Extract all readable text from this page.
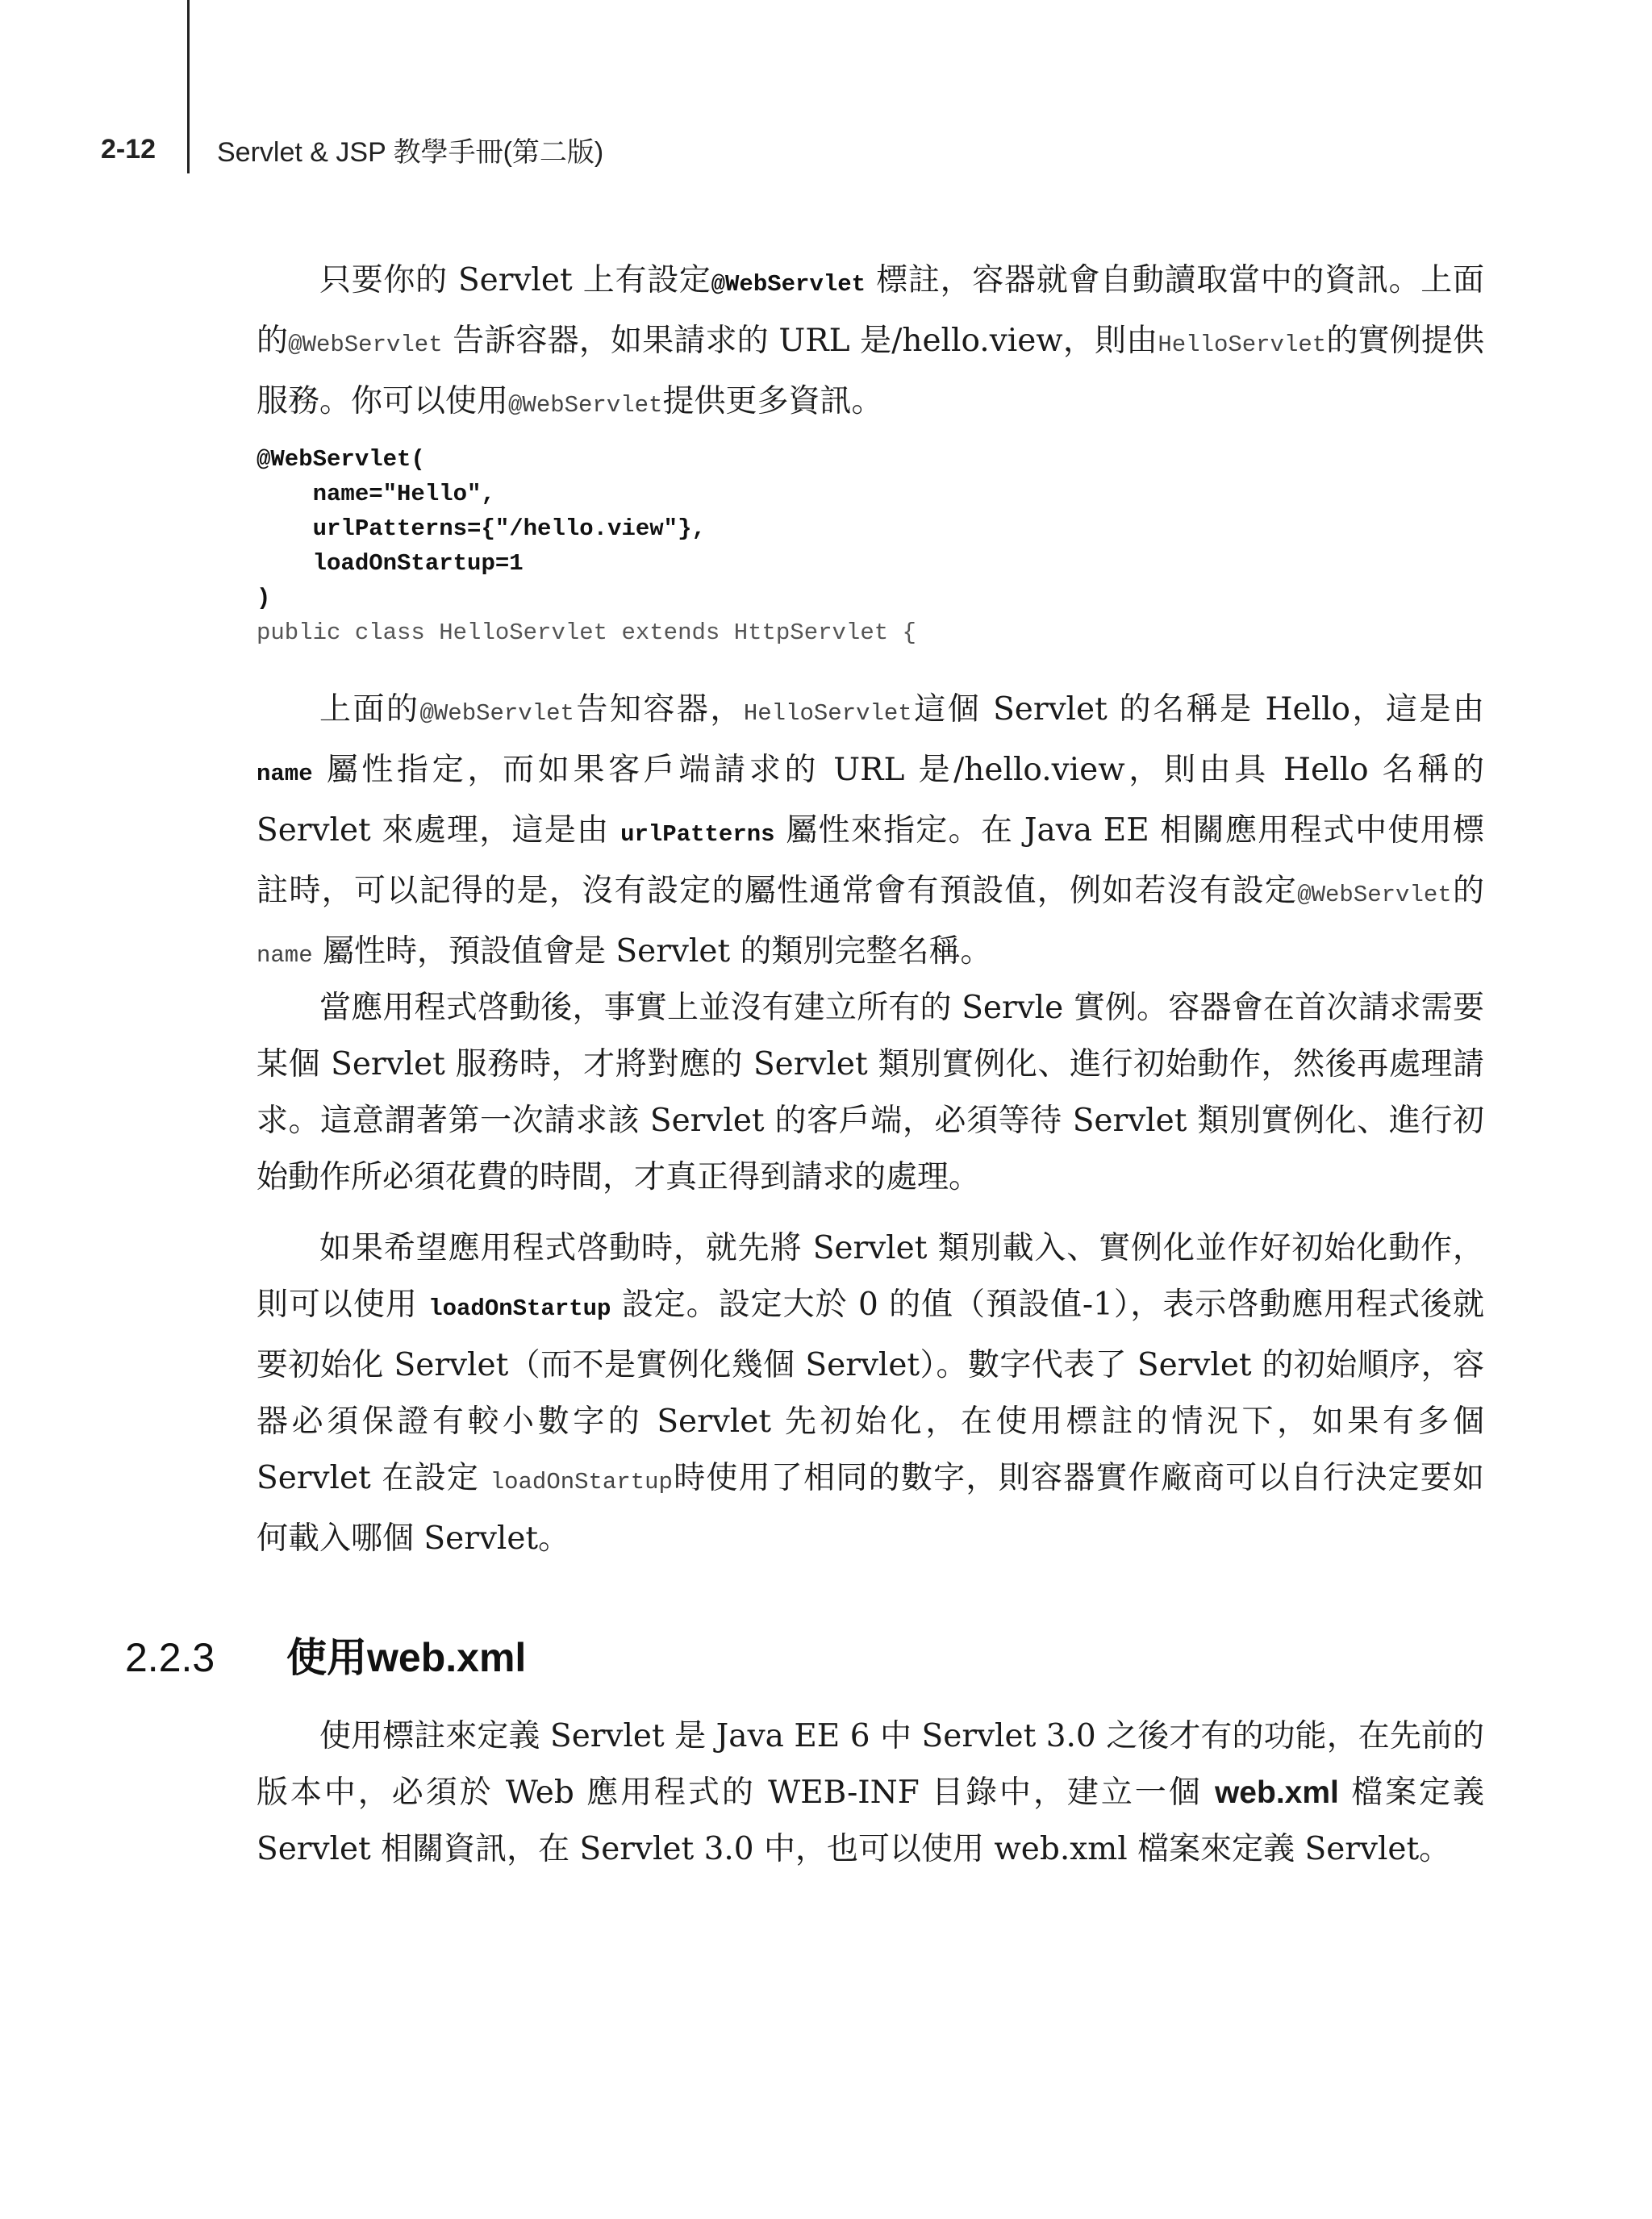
2-12	Servlet & JSP 教學手冊(第二版)

只要你的 Servlet 上有設定@WebServlet 標註，容器就會自動讀取當中的資訊。上面的@WebServlet 告訴容器，如果請求的 URL 是/hello.view，則由HelloServlet的實例提供服務。你可以使用@WebServlet提供更多資訊。

@WebServlet(
name="Hello",
urlPatterns={"/hello.view"},
loadOnStartup=1
)
public class HelloServlet extends HttpServlet {

上面的@WebServlet告知容器，HelloServlet這個 Servlet 的名稱是 Hello，這是由 name 屬性指定，而如果客戶端請求的 URL 是/hello.view，則由具 Hello 名稱的 Servlet 來處理，這是由 urlPatterns 屬性來指定。在 Java EE 相關應用程式中使用標註時，可以記得的是，沒有設定的屬性通常會有預設值，例如若沒有設定@WebServlet的 name 屬性時，預設值會是 Servlet 的類別完整名稱。

當應用程式啓動後，事實上並沒有建立所有的 Servle 實例。容器會在首次請求需要某個 Servlet 服務時，才將對應的 Servlet 類別實例化、進行初始動作，然後再處理請求。這意謂著第一次請求該 Servlet 的客戶端，必須等待 Servlet 類別實例化、進行初始動作所必須花費的時間，才真正得到請求的處理。

如果希望應用程式啓動時，就先將 Servlet 類別載入、實例化並作好初始化動作，則可以使用 loadOnStartup 設定。設定大於 0 的值（預設值-1），表示啓動應用程式後就要初始化 Servlet（而不是實例化幾個 Servlet）。數字代表了 Servlet 的初始順序，容器必須保證有較小數字的 Servlet 先初始化，在使用標註的情況下，如果有多個 Servlet 在設定 loadOnStartup時使用了相同的數字，則容器實作廠商可以自行決定要如何載入哪個 Servlet。

2.2.3	使用web.xml

使用標註來定義 Servlet 是 Java EE 6 中 Servlet 3.0 之後才有的功能，在先前的版本中，必須於 Web 應用程式的 WEB-INF 目錄中，建立一個 web.xml 檔案定義 Servlet 相關資訊，在 Servlet 3.0 中，也可以使用 web.xml 檔案來定義 Servlet。
